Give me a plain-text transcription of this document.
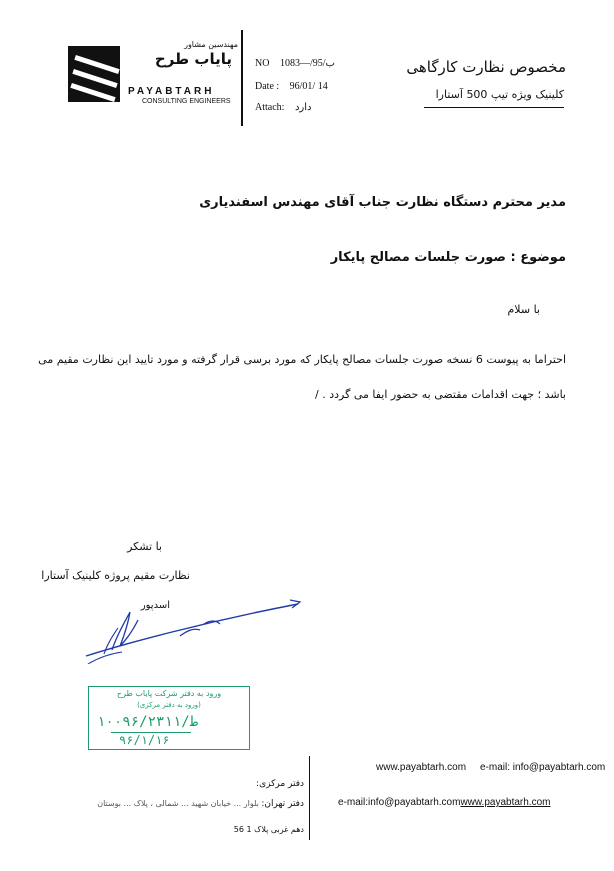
مهندسین مشاور
پایاب طرح
PAYABTARH
CONSULTING ENGINEERS
NO ب/95/—1083
Date : 96/01/ 14
Attach: دارد
مخصوص نظارت کارگاهی
کلینیک ویژه تیپ 500 آستارا
مدیر محترم دستگاه نظارت جناب آقای مهندس اسفندیاری
موضوع : صورت جلسات مصالح پایکار
با سلام
احتراما به پیوست 6 نسخه صورت جلسات مصالح پایکار که مورد برسی قرار گرفته و مورد تایید این نظارت مقیم می
باشد ؛ جهت اقدامات مقتضی به حضور ایفا می گردد . /
با تشکر
نظارت مقیم پروژه کلینیک آستارا
اسدپور
ورود به دفتر شرکت پایاب طرح
(ورود به دفتر مرکزی)
۱۰۰۹۶/ط/۲۳۱۱
۹۶/۱/۱۶
www.payabtarh.com e-mail: info@payabtarh.com
e-mail:info@payabtarh.comwww.payabtarh.com
دفتر مرکزی:
دفتر تهران: بلوار ... خیابان شهید ... شمالی ، پلاک ... بوستان
دهم غربی پلاک 1 56
